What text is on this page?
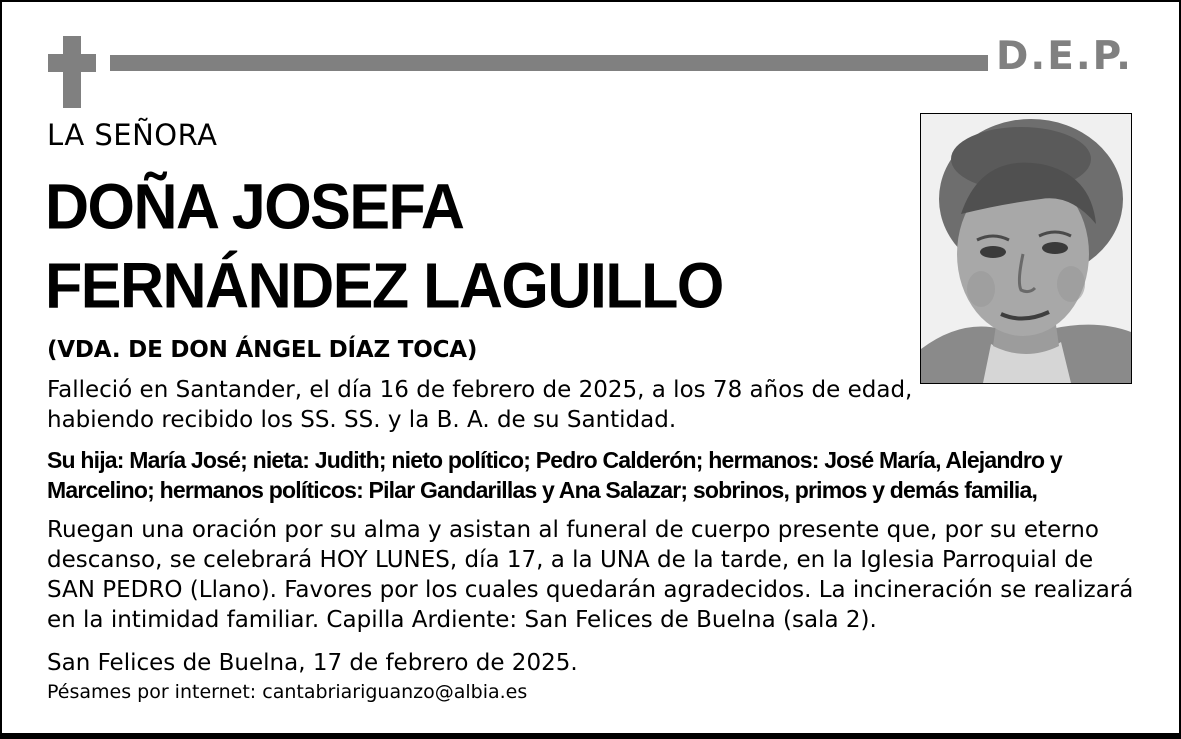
D.E.P.
LA SEÑORA
DOÑA JOSEFA
FERNÁNDEZ LAGUILLO
(VDA. DE DON ÁNGEL DÍAZ TOCA)
Falleció en Santander, el día 16 de febrero de 2025, a los 78 años de edad,
habiendo recibido los SS. SS. y la B. A. de su Santidad.
Su hija: María José; nieta: Judith; nieto político; Pedro Calderón; hermanos: José María, Alejandro y
Marcelino; hermanos políticos: Pilar Gandarillas y Ana Salazar; sobrinos, primos y demás familia,
Ruegan una oración por su alma y asistan al funeral de cuerpo presente que, por su eterno
descanso, se celebrará HOY LUNES, día 17, a la UNA de la tarde, en la Iglesia Parroquial de
SAN PEDRO (Llano). Favores por los cuales quedarán agradecidos. La incineración se realizará
en la intimidad familiar. Capilla Ardiente: San Felices de Buelna (sala 2).
San Felices de Buelna, 17 de febrero de 2025.
Pésames por internet: cantabriariguanzo@albia.es
